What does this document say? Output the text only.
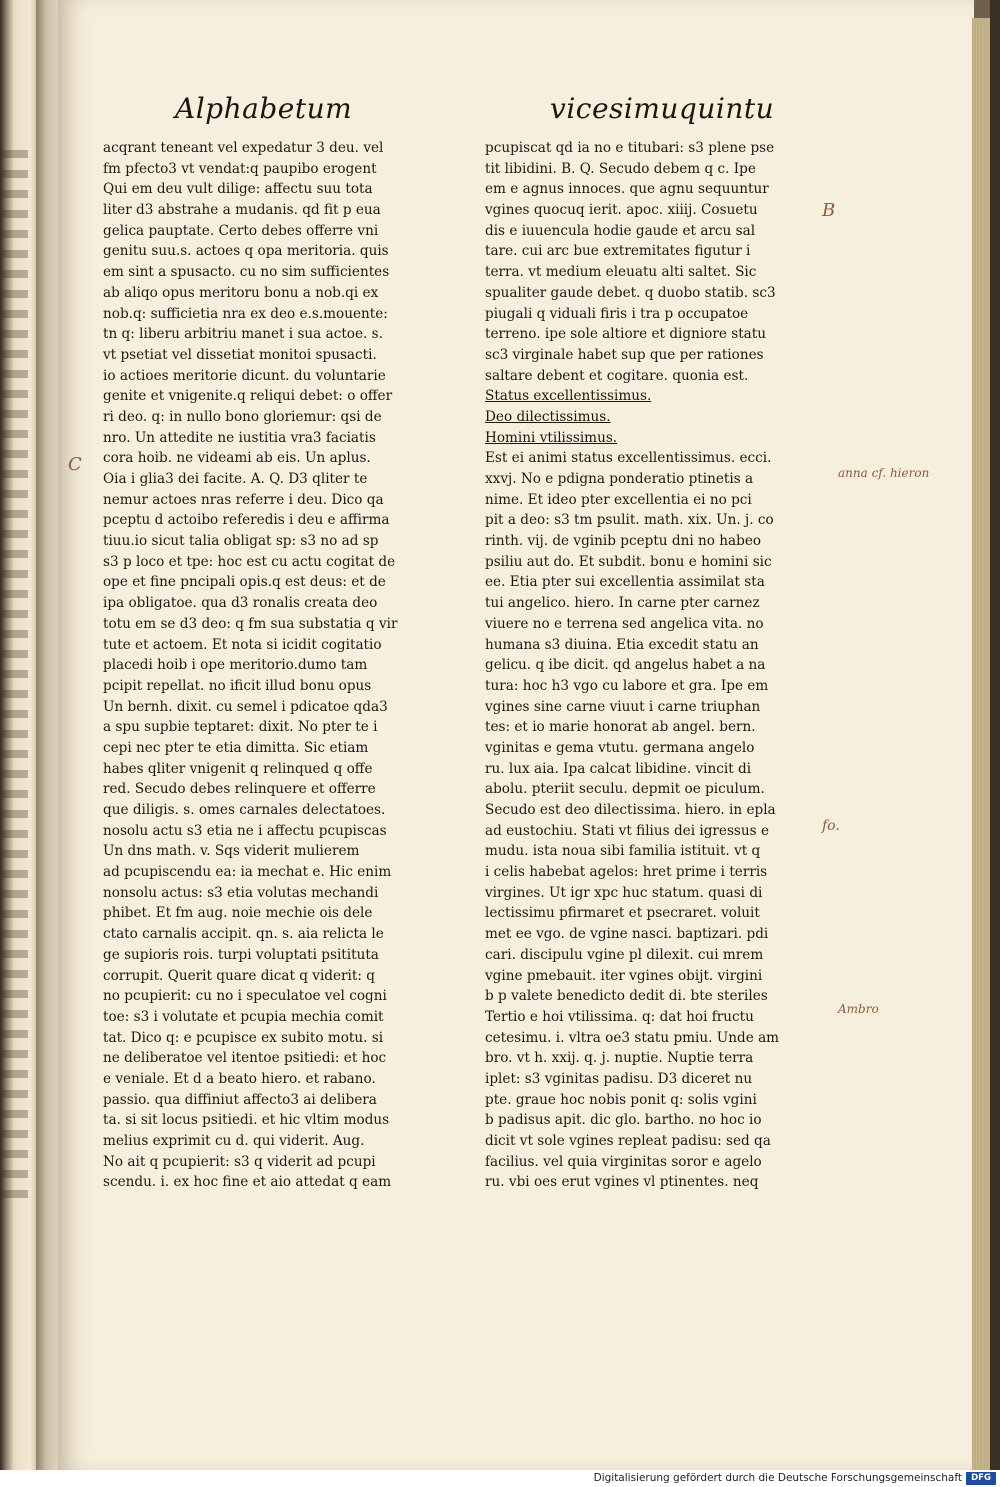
Alphabetum	vicesimuquintu
acqrant teneant vel expedatur 3 deu. vel
fm pfecto3 vt vendat:q paupibo erogent
Qui em deu vult dilige: affectu suu tota
liter d3 abstrahe a mudanis. qd fit p eua
gelica pauptate. Certo debes offerre vni
genitu suu.s. actoes q opa meritoria. quis
em sint a spusacto. cu no sim sufficientes
ab aliqo opus meritoru bonu a nob.qi ex
nob.q: sufficietia nra ex deo e.s.mouente:
tn q: liberu arbitriu manet i sua actoe. s.
vt psetiat vel dissetiat monitoi spusacti.
io actioes meritorie dicunt. du voluntarie
genite et vnigenite.q reliqui debet: o offer
ri deo. q: in nullo bono gloriemur: qsi de
nro. Un attedite ne iustitia vra3 faciatis
cora hoib. ne videami ab eis. Un aplus.
Oia i glia3 dei facite. A. Q. D3 qliter te
nemur actoes nras referre i deu. Dico qa
pceptu d actoibo referedis i deu e affirma
tiuu.io sicut talia obligat sp: s3 no ad sp
s3 p loco et tpe: hoc est cu actu cogitat de
ope et fine pncipali opis.q est deus: et de
ipa obligatoe. qua d3 ronalis creata deo
totu em se d3 deo: q fm sua substatia q vir
tute et actoem. Et nota si icidit cogitatio
placedi hoib i ope meritorio.dumo tam
pcipit repellat. no ificit illud bonu opus
Un bernh. dixit. cu semel i pdicatoe qda3
a spu supbie teptaret: dixit. No pter te i
cepi nec pter te etia dimitta. Sic etiam
habes qliter vnigenit q relinqued q offe
red. Secudo debes relinquere et offerre
que diligis. s. omes carnales delectatoes.
nosolu actu s3 etia ne i affectu pcupiscas
Un dns math. v. Sqs viderit mulierem
ad pcupiscendu ea: ia mechat e. Hic enim
nonsolu actus: s3 etia volutas mechandi
phibet. Et fm aug. noie mechie ois dele
ctato carnalis accipit. qn. s. aia relicta le
ge supioris rois. turpi voluptati psitituta
corrupit. Querit quare dicat q viderit: q
no pcupierit: cu no i speculatoe vel cogni
toe: s3 i volutate et pcupia mechia comit
tat. Dico q: e pcupisce ex subito motu. si
ne deliberatoe vel itentoe psitiedi: et hoc
e veniale. Et d a beato hiero. et rabano.
passio. qua diffiniut affecto3 ai delibera
ta. si sit locus psitiedi. et hic vltim modus
melius exprimit cu d. qui viderit. Aug.
No ait q pcupierit: s3 q viderit ad pcupi
scendu. i. ex hoc fine et aio attedat q eam
pcupiscat qd ia no e titubari: s3 plene pse
tit libidini. B. Q. Secudo debem q c. Ipe
em e agnus innoces. que agnu sequuntur
vgines quocuq ierit. apoc. xiiij. Cosuetu
dis e iuuencula hodie gaude et arcu sal
tare. cui arc bue extremitates figutur i
terra. vt medium eleuatu alti saltet. Sic
spualiter gaude debet. q duobo statib. sc3
piugali q viduali firis i tra p occupatoe
terreno. ipe sole altiore et digniore statu
sc3 virginale habet sup que per rationes
saltare debent et cogitare. quonia est.
Status excellentissimus.
Deo dilectissimus.
Homini vtilissimus.
Est ei animi status excellentissimus. ecci.
xxvj. No e pdigna ponderatio ptinetis a
nime. Et ideo pter excellentia ei no pci
pit a deo: s3 tm psulit. math. xix. Un. j. co
rinth. vij. de vginib pceptu dni no habeo
psiliu aut do. Et subdit. bonu e homini sic
ee. Etia pter sui excellentia assimilat sta
tui angelico. hiero. In carne pter carnez
viuere no e terrena sed angelica vita. no
humana s3 diuina. Etia excedit statu an
gelicu. q ibe dicit. qd angelus habet a na
tura: hoc h3 vgo cu labore et gra. Ipe em
vgines sine carne viuut i carne triuphan
tes: et io marie honorat ab angel. bern.
vginitas e gema vtutu. germana angelo
ru. lux aia. Ipa calcat libidine. vincit di
abolu. pteriit seculu. depmit oe piculum.
Secudo est deo dilectissima. hiero. in epla
ad eustochiu. Stati vt filius dei igressus e
mudu. ista noua sibi familia istituit. vt q
i celis habebat agelos: hret prime i terris
virgines. Ut igr xpc huc statum. quasi di
lectissimu pfirmaret et psecraret. voluit
met ee vgo. de vgine nasci. baptizari. pdi
cari. discipulu vgine pl dilexit. cui mrem
vgine pmebauit. iter vgines obijt. virgini
b p valete benedicto dedit di. bte steriles
Tertio e hoi vtilissima. q: dat hoi fructu
cetesimu. i. vltra oe3 statu pmiu. Unde am
bro. vt h. xxij. q. j. nuptie. Nuptie terra
iplet: s3 vginitas padisu. D3 diceret nu
pte. graue hoc nobis ponit q: solis vgini
b padisus apit. dic glo. bartho. no hoc io
dicit vt sole vgines repleat padisu: sed qa
facilius. vel quia virginitas soror e agelo
ru. vbi oes erut vgines vl ptinentes. neq
B
anna cf. hieron
C
fo.
Ambro
Digitalisierung gefördert durch die Deutsche Forschungsgemeinschaft	DFG
